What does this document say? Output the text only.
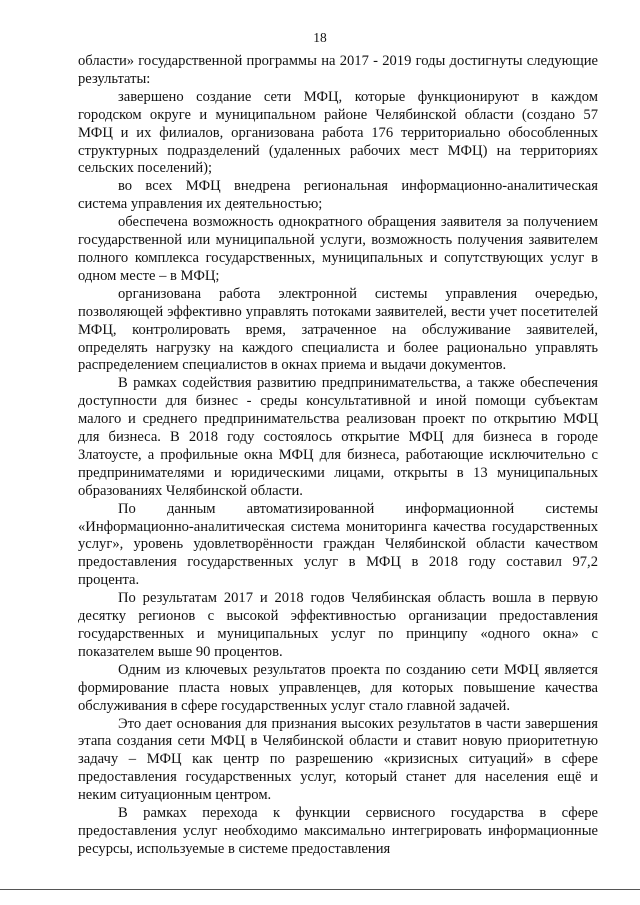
18

области» государственной программы на 2017 - 2019 годы достигнуты следующие результаты:

завершено создание сети МФЦ, которые функционируют в каждом городском округе и муниципальном районе Челябинской области (создано 57 МФЦ и их филиалов, организована работа 176 территориально обособленных структурных подразделений (удаленных рабочих мест МФЦ) на территориях сельских поселений);

во всех МФЦ внедрена региональная информационно-аналитическая система управления их деятельностью;

обеспечена возможность однократного обращения заявителя за получением государственной или муниципальной услуги, возможность получения заявителем полного комплекса государственных, муниципальных и сопутствующих услуг в одном месте – в МФЦ;

организована работа электронной системы управления очередью, позволяющей эффективно управлять потоками заявителей, вести учет посетителей МФЦ, контролировать время, затраченное на обслуживание заявителей, определять нагрузку на каждого специалиста и более рационально управлять распределением специалистов в окнах приема и выдачи документов.

В рамках содействия развитию предпринимательства, а также обеспечения доступности для бизнес - среды консультативной и иной помощи субъектам малого и среднего предпринимательства реализован проект по открытию МФЦ для бизнеса. В 2018 году состоялось открытие МФЦ для бизнеса в городе Златоусте, а профильные окна МФЦ для бизнеса, работающие исключительно с предпринимателями и юридическими лицами, открыты в 13 муниципальных образованиях Челябинской области.

По данным автоматизированной информационной системы «Информационно-аналитическая система мониторинга качества государственных услуг», уровень удовлетворённости граждан Челябинской области качеством предоставления государственных услуг в МФЦ в 2018 году составил 97,2 процента.

По результатам 2017 и 2018 годов Челябинская область вошла в первую десятку регионов с высокой эффективностью организации предоставления государственных и муниципальных услуг по принципу «одного окна» с показателем выше 90 процентов.

Одним из ключевых результатов проекта по созданию сети МФЦ является формирование пласта новых управленцев, для которых повышение качества обслуживания в сфере государственных услуг стало главной задачей.

Это дает основания для признания высоких результатов в части завершения этапа создания сети МФЦ в Челябинской области и ставит новую приоритетную задачу – МФЦ как центр по разрешению «кризисных ситуаций» в сфере предоставления государственных услуг, который станет для населения ещё и неким ситуационным центром.

В рамках перехода к функции сервисного государства в сфере предоставления услуг необходимо максимально интегрировать информационные ресурсы, используемые в системе предоставления
